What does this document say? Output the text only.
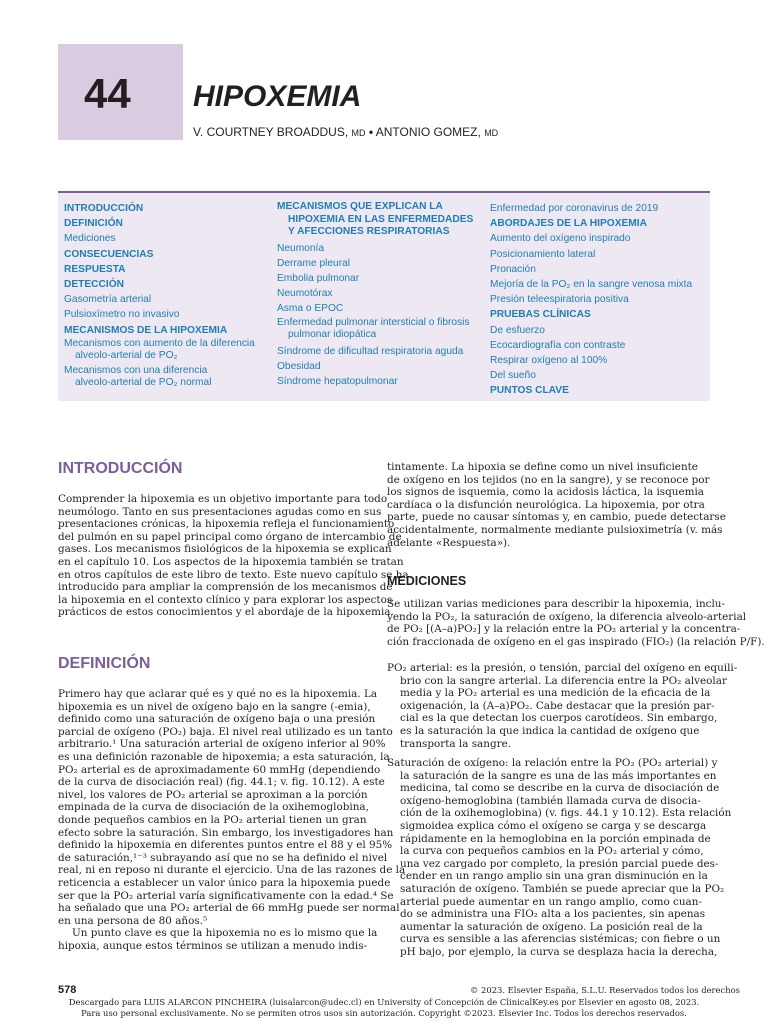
44 HIPOXEMIA
V. COURTNEY BROADDUS, MD • ANTONIO GOMEZ, MD
INTRODUCCIÓN
DEFINICIÓN
Mediciones
CONSECUENCIAS
RESPUESTA
DETECCIÓN
Gasometría arterial
Pulsioxímetro no invasivo
MECANISMOS DE LA HIPOXEMIA
Mecanismos con aumento de la diferencia
alveolo-arterial de PO₂
Mecanismos con una diferencia
alveolo-arterial de PO₂ normal
MECANISMOS QUE EXPLICAN LA
HIPOXEMIA EN LAS ENFERMEDADES
Y AFECCIONES RESPIRATORIAS
Neumonía
Derrame pleural
Embolia pulmonar
Neumotórax
Asma o EPOC
Enfermedad pulmonar intersticial o fibrosis
pulmonar idiopática
Síndrome de dificultad respiratoria aguda
Obesidad
Síndrome hepatopulmonar
Enfermedad por coronavirus de 2019
ABORDAJES DE LA HIPOXEMIA
Aumento del oxígeno inspirado
Posicionamiento lateral
Pronación
Mejoría de la PO₂ en la sangre venosa mixta
Presión teleespiratoria positiva
PRUEBAS CLÍNICAS
De esfuerzo
Ecocardiografía con contraste
Respirar oxígeno al 100%
Del sueño
PUNTOS CLAVE
INTRODUCCIÓN
Comprender la hipoxemia es un objetivo importante para todo
neumólogo. Tanto en sus presentaciones agudas como en sus
presentaciones crónicas, la hipoxemia refleja el funcionamiento
del pulmón en su papel principal como órgano de intercambio de
gases. Los mecanismos fisiológicos de la hipoxemia se explican
en el capítulo 10. Los aspectos de la hipoxemia también se tratan
en otros capítulos de este libro de texto. Este nuevo capítulo se ha
introducido para ampliar la comprensión de los mecanismos de
la hipoxemia en el contexto clínico y para explorar los aspectos
prácticos de estos conocimientos y el abordaje de la hipoxemia.
DEFINICIÓN
Primero hay que aclarar qué es y qué no es la hipoxemia. La
hipoxemia es un nivel de oxígeno bajo en la sangre (-emia),
definido como una saturación de oxígeno baja o una presión
parcial de oxígeno (PO₂) baja. El nivel real utilizado es un tanto
arbitrario.¹ Una saturación arterial de oxígeno inferior al 90%
es una definición razonable de hipoxemia; a esta saturación, la
PO₂ arterial es de aproximadamente 60 mmHg (dependiendo
de la curva de disociación real) (fig. 44.1; v. fig. 10.12). A este
nivel, los valores de PO₂ arterial se aproximan a la porción
empinada de la curva de disociación de la oxihemoglobina,
donde pequeños cambios en la PO₂ arterial tienen un gran
efecto sobre la saturación. Sin embargo, los investigadores han
definido la hipoxemia en diferentes puntos entre el 88 y el 95%
de saturación,¹⁻³ subrayando así que no se ha definido el nivel
real, ni en reposo ni durante el ejercicio. Una de las razones de la
reticencia a establecer un valor único para la hipoxemia puede
ser que la PO₂ arterial varía significativamente con la edad.⁴ Se
ha señalado que una PO₂ arterial de 66 mmHg puede ser normal
en una persona de 80 años.⁵
Un punto clave es que la hipoxemia no es lo mismo que la
hipoxia, aunque estos términos se utilizan a menudo indis-
tintamente. La hipoxia se define como un nivel insuficiente
de oxígeno en los tejidos (no en la sangre), y se reconoce por
los signos de isquemia, como la acidosis láctica, la isquemia
cardíaca o la disfunción neurológica. La hipoxemia, por otra
parte, puede no causar síntomas y, en cambio, puede detectarse
accidentalmente, normalmente mediante pulsioximetría (v. más
adelante «Respuesta»).
MEDICIONES
Se utilizan varias mediciones para describir la hipoxemia, inclu-
yendo la PO₂, la saturación de oxígeno, la diferencia alveolo-arterial
de PO₂ [(A–a)PO₂] y la relación entre la PO₂ arterial y la concentra-
ción fraccionada de oxígeno en el gas inspirado (FIO₂) (la relación P/F).
PO₂ arterial: es la presión, o tensión, parcial del oxígeno en equili-
brio con la sangre arterial. La diferencia entre la PO₂ alveolar
media y la PO₂ arterial es una medición de la eficacia de la
oxigenación, la (A–a)PO₂. Cabe destacar que la presión par-
cial es la que detectan los cuerpos carotídeos. Sin embargo,
es la saturación la que indica la cantidad de oxígeno que
transporta la sangre.
Saturación de oxígeno: la relación entre la PO₂ (PO₂ arterial) y
la saturación de la sangre es una de las más importantes en
medicina, tal como se describe en la curva de disociación de
oxígeno-hemoglobina (también llamada curva de disocia-
ción de la oxihemoglobina) (v. figs. 44.1 y 10.12). Esta relación
sigmoidea explica cómo el oxígeno se carga y se descarga
rápidamente en la hemoglobina en la porción empinada de
la curva con pequeños cambios en la PO₂ arterial y cómo,
una vez cargado por completo, la presión parcial puede des-
cender en un rango amplio sin una gran disminución en la
saturación de oxígeno. También se puede apreciar que la PO₂
arterial puede aumentar en un rango amplio, como cuan-
do se administra una FIO₂ alta a los pacientes, sin apenas
aumentar la saturación de oxígeno. La posición real de la
curva es sensible a las aferencias sistémicas; con fiebre o un
pH bajo, por ejemplo, la curva se desplaza hacia la derecha,
578	© 2023. Elsevier España, S.L.U. Reservados todos los derechos
Descargado para LUIS ALARCON PINCHEIRA (luisalarcon@udec.cl) en University of Concepción de ClinicalKey.es por Elsevier en agosto 08, 2023.
Para uso personal exclusivamente. No se permiten otros usos sin autorización. Copyright ©2023. Elsevier Inc. Todos los derechos reservados.
